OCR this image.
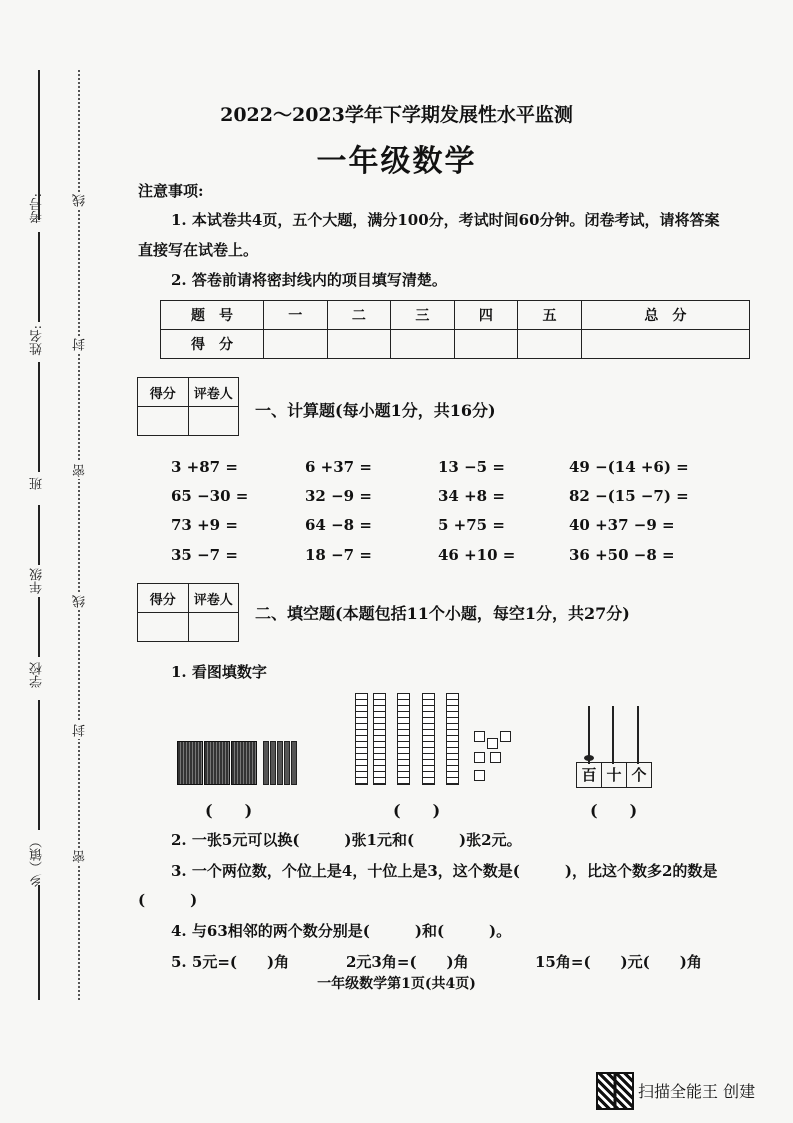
考号:
姓名:
班
年级
学校
乡（镇）
线
封
密
线
封
密
2022～2023学年下学期发展性水平监测
一年级数学
注意事项:
1. 本试卷共4页，五个大题，满分100分，考试时间60分钟。闭卷考试，请将答案
直接写在试卷上。
2. 答卷前请将密封线内的项目填写清楚。
题　号	一	二	三	四	五	总　分
得　分						
得分	评卷人

一、计算题(每小题1分，共16分)
3 +87 =	6 +37 =	13 −5 =	49 −(14 +6) =
65 −30 =	32 −9 =	34 +8 =	82 −(15 −7) =
73 +9 =	64 −8 =	5 +75 =	40 +37 −9 =
35 −7 =	18 −7 =	46 +10 =	36 +50 −8 =
得分	评卷人

二、填空题(本题包括11个小题，每空1分，共27分)
1. 看图填数字
(　　)	(　　)
百 十 个
(　　)
2. 一张5元可以换(　　　)张1元和(　　　)张2元。
3. 一个两位数，个位上是4，十位上是3，这个数是(　　　)，比这个数多2的数是
(　　　)
4. 与63相邻的两个数分别是(　　　)和(　　　)。
5. 5元=(　　)角	2元3角=(　　)角	15角=(　　)元(　　)角
一年级数学第1页(共4页)
扫描全能王 创建
